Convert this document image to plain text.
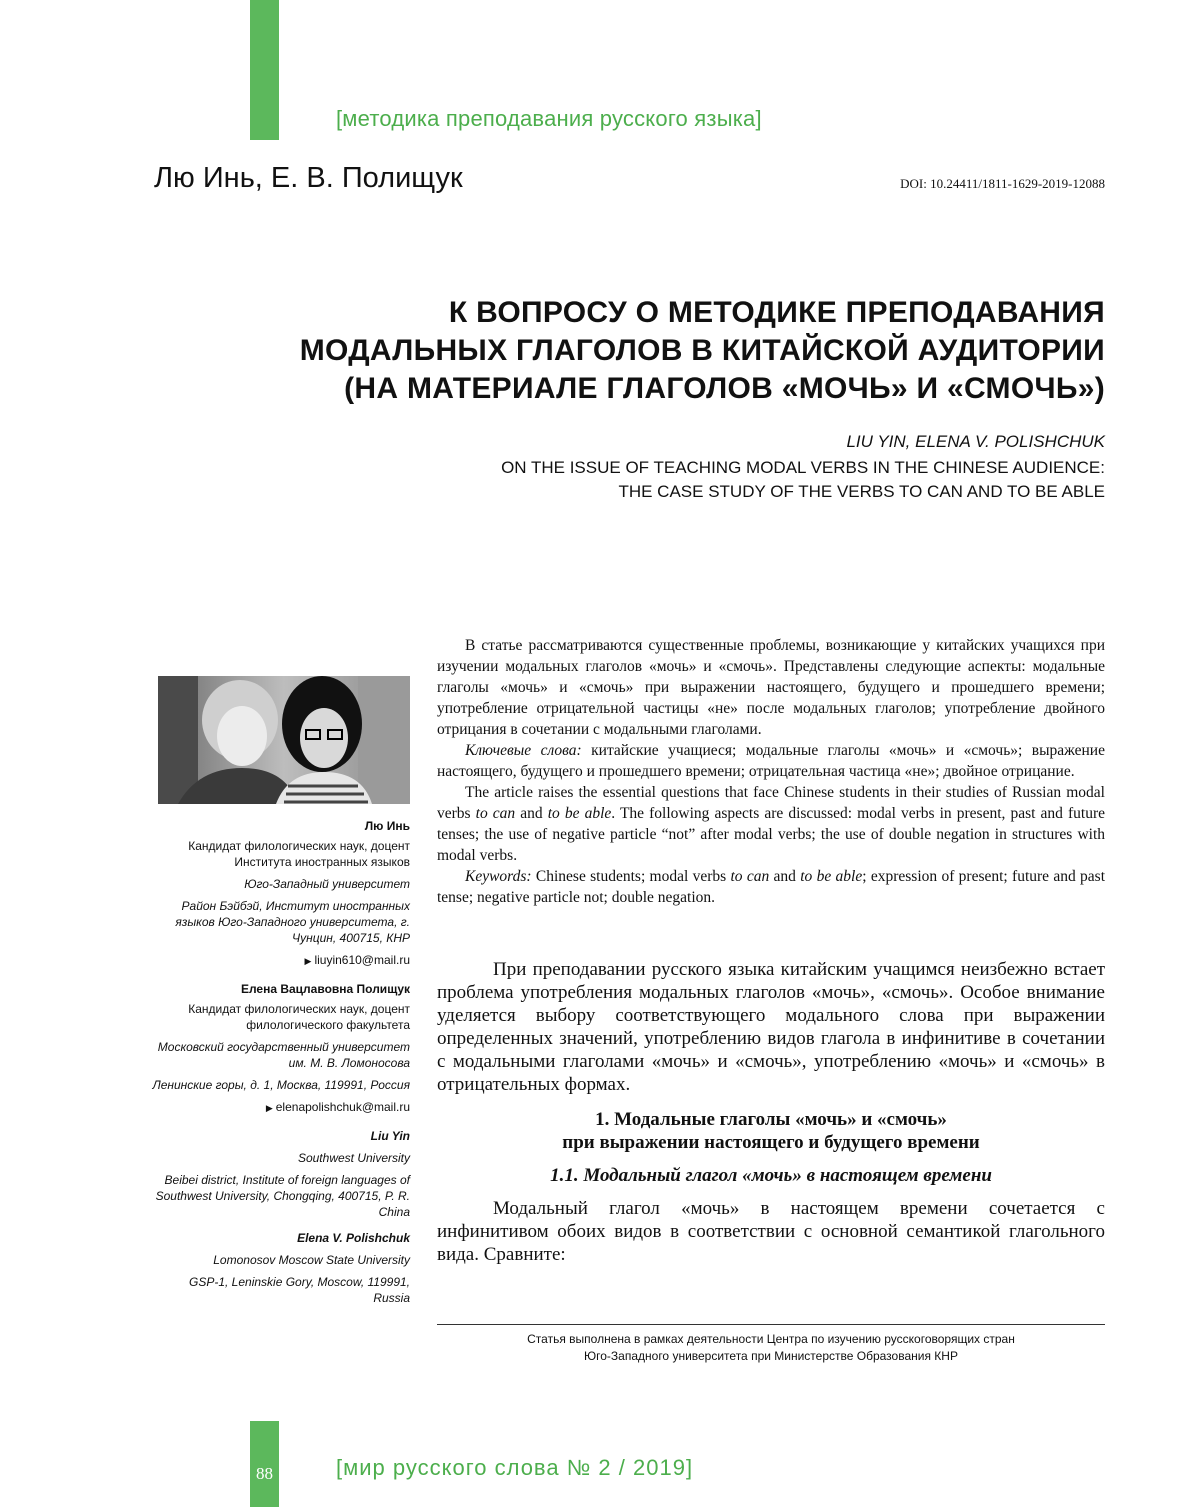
[методика преподавания русского языка]
Лю Инь, Е. В. Полищук	DOI: 10.24411/1811-1629-2019-12088
К ВОПРОСУ О МЕТОДИКЕ ПРЕПОДАВАНИЯ
МОДАЛЬНЫХ ГЛАГОЛОВ В КИТАЙСКОЙ АУДИТОРИИ
(НА МАТЕРИАЛЕ ГЛАГОЛОВ «МОЧЬ» И «СМОЧЬ»)
LIU YIN, ELENA V. POLISHCHUK
ON THE ISSUE OF TEACHING MODAL VERBS IN THE CHINESE AUDIENCE:
THE CASE STUDY OF THE VERBS TO CAN AND TO BE ABLE

В статье рассматриваются существенные проблемы, возникающие у китайских учащихся при изучении модальных глаголов «мочь» и «смочь». Представлены следующие аспекты: модальные глаголы «мочь» и «смочь» при выражении настоящего, будущего и прошедшего времени; употребление отрицательной частицы «не» после модальных глаголов; употребление двойного отрицания в сочетании с модальными глаголами.

Ключевые слова: китайские учащиеся; модальные глаголы «мочь» и «смочь»; выражение настоящего, будущего и прошедшего времени; отрицательная частица «не»; двойное отрицание.

The article raises the essential questions that face Chinese students in their studies of Russian modal verbs to can and to be able. The following aspects are discussed: modal verbs in present, past and future tenses; the use of negative particle “not” after modal verbs; the use of double negation in structures with modal verbs.

Keywords: Chinese students; modal verbs to can and to be able; expression of present; future and past tense; negative particle not; double negation.

Лю Инь
Кандидат филологических наук, доцент Института иностранных языков
Юго-Западный университет
Район Бэйбэй, Институт иностранных языков Юго-Западного университета, г. Чунцин, 400715, КНР
▶ liuyin610@mail.ru
Елена Вацлавовна Полищук
Кандидат филологических наук, доцент филологического факультета
Московский государственный университет им. М. В. Ломоносова
Ленинские горы, д. 1, Москва, 119991, Россия
▶ elenapolishchuk@mail.ru
Liu Yin
Southwest University
Beibei district, Institute of foreign languages of Southwest University, Chongqing, 400715, P. R. China
Elena V. Polishchuk
Lomonosov Moscow State University
GSP-1, Leninskie Gory, Moscow, 119991, Russia

При преподавании русского языка китайским учащимся неизбежно встает проблема употребления модальных глаголов «мочь», «смочь». Особое внимание уделяется выбору соответствующего модального слова при выражении определенных значений, употреблению видов глагола в инфинитиве в сочетании с модальными глаголами «мочь» и «смочь», употреблению «мочь» и «смочь» в отрицательных формах.

1. Модальные глаголы «мочь» и «смочь»
при выражении настоящего и будущего времени
1.1. Модальный глагол «мочь» в настоящем времени

Модальный глагол «мочь» в настоящем времени сочетается с инфинитивом обоих видов в соответствии с основной семантикой глагольного вида. Сравните:

Статья выполнена в рамках деятельности Центра по изучению русскоговорящих стран
Юго-Западного университета при Министерстве Образования КНР
88	[мир русского слова № 2 / 2019]
